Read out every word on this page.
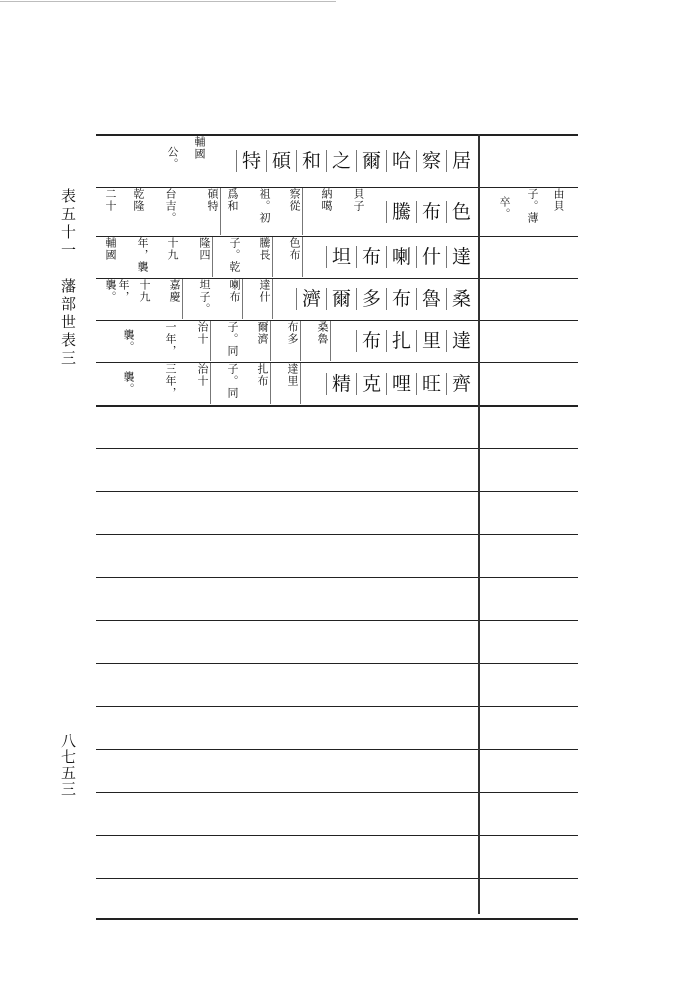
表五十一　藩部世表三
八七五三
居
察
哈
爾
之
和
碩
特
輔國
公。
色
布
騰
貝子
納噶
察從
祖。初
爲和
碩特
台吉。
乾隆
二十	由貝
子。薄
卒。
達
什
喇
布
坦
色布
騰長
子。乾
隆四
十九
年，襲
輔國
桑
魯
布
多
爾
濟
達什
喇布
坦子。
嘉慶
十九
年，襲。
達
里
扎
布
桑魯
布多
爾濟
子。同
治十
一年，
襲。
齊
旺
哩
克
精
達里
扎布
子。同
治十
三年，
襲。
